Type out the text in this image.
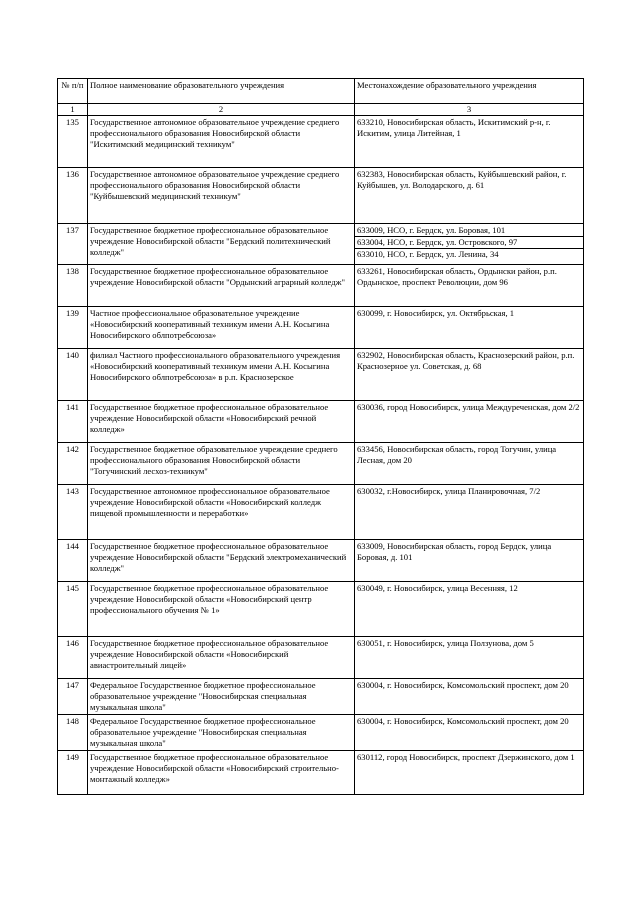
№ п/п	Полное наименование образовательного учреждения	Местонахождение образовательного учреждения
1	2	3
135	Государственное автономное образовательное учреждение среднего профессионального образования Новосибирской области "Искитимский медицинский техникум"	633210, Новосибирская область, Искитимский р-н, г. Искитим, улица Литейная, 1

136	Государственное автономное образовательное учреждение среднего профессионального образования Новосибирской области "Куйбышевский медицинский техникум"	632383, Новосибирская область, Куйбышевский район, г. Куйбышев, ул. Володарского, д. 61

137	Государственное бюджетное профессиональное образовательное учреждение Новосибирской области "Бердский политехнический колледж"	633009, НСО, г. Бердск, ул. Боровая, 101
633004, НСО, г. Бердск, ул. Островского, 97
633010, НСО, г. Бердск, ул. Ленина, 34

138	Государственное бюджетное профессиональное образовательное учреждение Новосибирской области "Ордынский аграрный колледж"	633261, Новосибирская область, Ордынски район, р.п. Ордынское, проспект Революции, дом 96

139	Частное профессиональное образовательное учреждение «Новосибирский кооперативный техникум имени А.Н. Косыгина Новосибирского облпотребсоюза»	630099, г. Новосибирск, ул. Октябрьская, 1

140	филиал Частного профессионального образовательного учреждения «Новосибирский кооперативный техникум имени А.Н. Косыгина Новосибирского облпотребсоюза» в р.п. Краснозерское	632902, Новосибирская область, Краснозерский район, р.п. Краснозерное ул. Советская, д. 68

141	Государственное бюджетное профессиональное образовательное учреждение Новосибирской области «Новосибирский речной колледж»	630036, город Новосибирск, улица Междуреченская, дом 2/2

142	Государственное бюджетное образовательное учреждение среднего профессионального образования Новосибирской области "Тогучинский лесхоз-техникум"	633456, Новосибирская область, город Тогучин, улица Лесная, дом 20

143	Государственное автономное профессиональное образовательное учреждение Новосибирской области «Новосибирский колледж пищевой промышленности и переработки»	630032, г.Новосибирск, улица Планировочная, 7/2

144	Государственное бюджетное профессиональное образовательное учреждение Новосибирской области "Бердский электромеханический колледж"	633009, Новосибирская область, город Бердск, улица Боровая, д. 101

145	Государственное бюджетное профессиональное образовательное учреждение Новосибирской области «Новосибирский центр профессионального обучения № 1»	630049, г. Новосибирск, улица Весенняя, 12

146	Государственное бюджетное профессиональное образовательное учреждение Новосибирской области «Новосибирский авиастроительный лицей»	630051, г. Новосибирск, улица Ползунова, дом 5

147	Федеральное Государственное бюджетное профессиональное образовательное учреждение "Новосибирская специальная музыкальная школа"	630004, г. Новосибирск, Комсомольский проспект, дом 20

148	Федеральное Государственное бюджетное профессиональное образовательное учреждение "Новосибирская специальная музыкальная школа"	630004, г. Новосибирск, Комсомольский проспект, дом 20

149	Государственное бюджетное профессиональное образовательное учреждение Новосибирской области «Новосибирский строительно-монтажный колледж»	630112, город Новосибирск, проспект Дзержинского, дом 1
